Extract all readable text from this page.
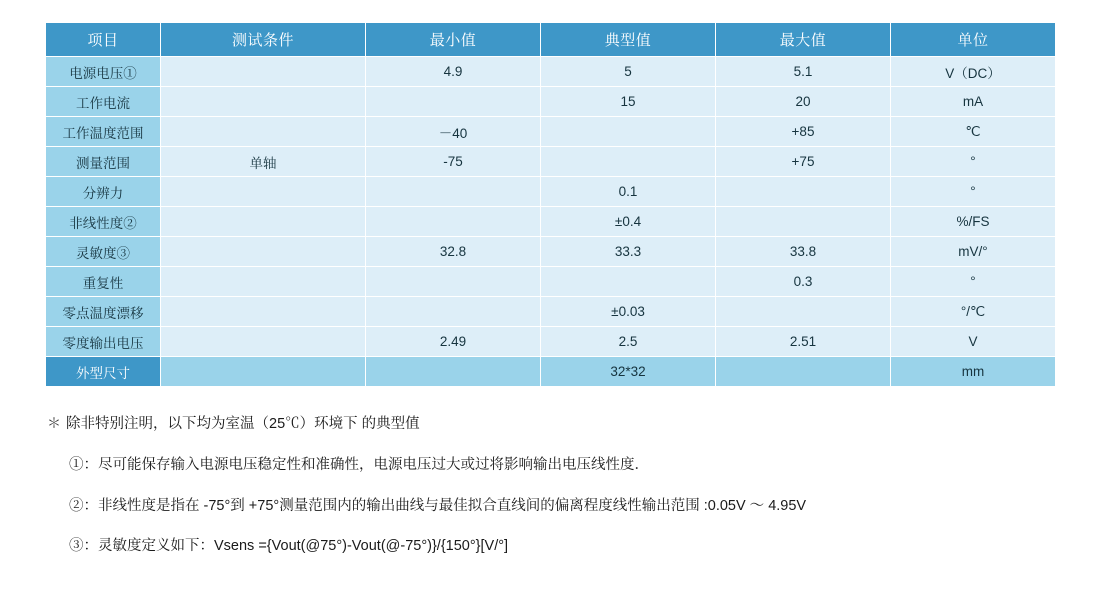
项目	测试条件	最小值	典型值	最大值	单位
电源电压①		4.9	5	5.1	V（DC）
工作电流			15	20	mA
工作温度范围		－40		+85	℃
测量范围	单轴	-75		+75	°
分辨力			0.1		°
非线性度②			±0.4		%/FS
灵敏度③		32.8	33.3	33.8	mV/°
重复性				0.3	°
零点温度漂移			±0.03		°/℃
零度输出电压		2.49	2.5	2.51	V
外型尺寸			32*32		mm
＊ 除非特别注明，以下均为室温（25℃）环境下 的典型值
①：尽可能保存输入电源电压稳定性和准确性，电源电压过大或过将影响输出电压线性度．
②：非线性度是指在 -75°到 +75°测量范围内的输出曲线与最佳拟合直线间的偏离程度线性输出范围 :0.05V ～ 4.95V
③：灵敏度定义如下：Vsens ={Vout(@75°)-Vout(@-75°)}/{150°}[V/°]
